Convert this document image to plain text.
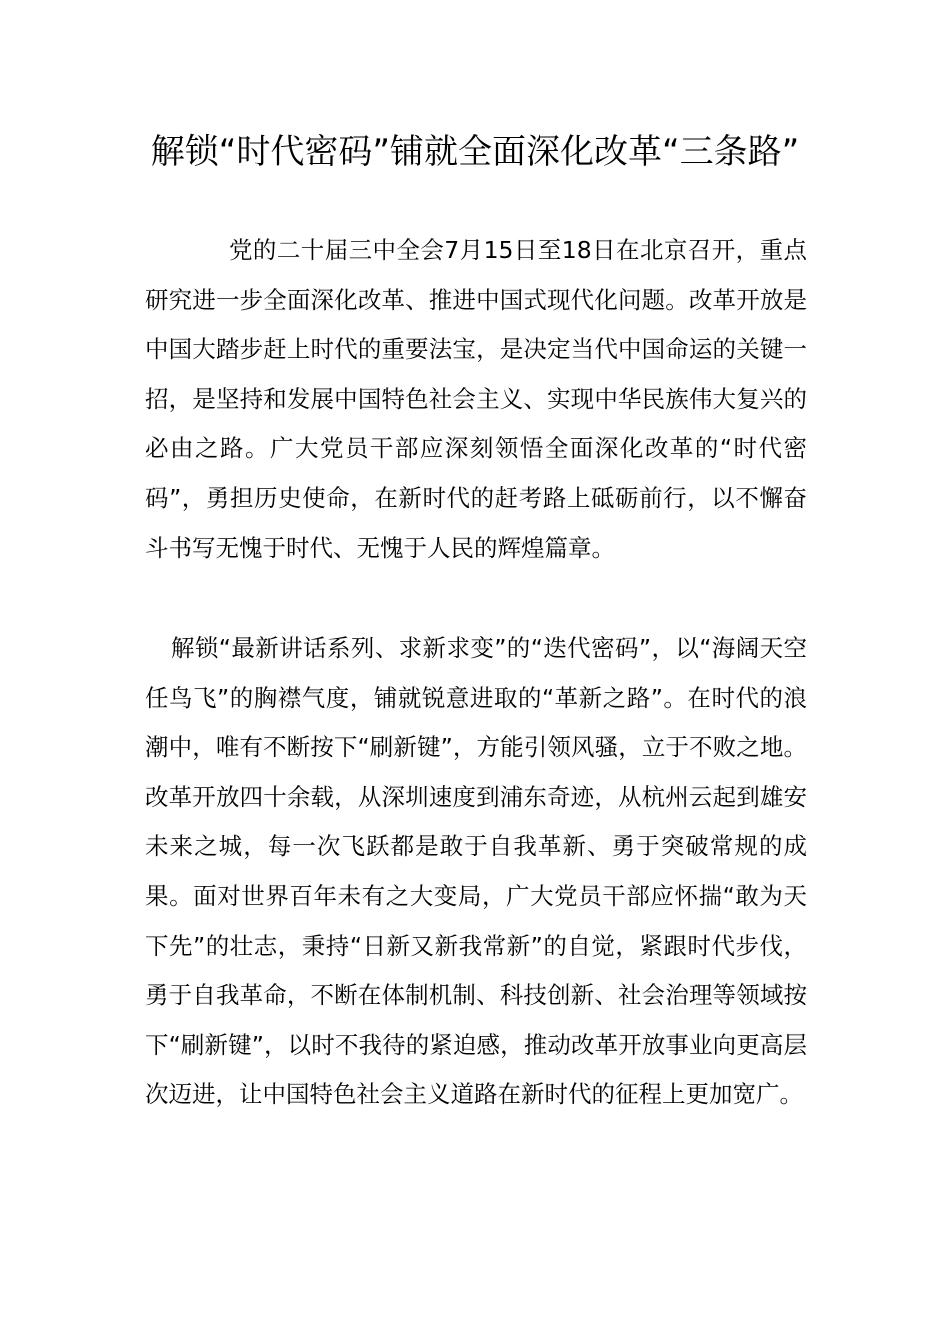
解锁“时代密码”铺就全面深化改革“三条路”

党的二十届三中全会7月15日至18日在北京召开，重点研究进一步全面深化改革、推进中国式现代化问题。改革开放是中国大踏步赶上时代的重要法宝，是决定当代中国命运的关键一招，是坚持和发展中国特色社会主义、实现中华民族伟大复兴的必由之路。广大党员干部应深刻领悟全面深化改革的“时代密码”，勇担历史使命，在新时代的赶考路上砥砺前行，以不懈奋斗书写无愧于时代、无愧于人民的辉煌篇章。

解锁“最新讲话系列、求新求变”的“迭代密码”，以“海阔天空任鸟飞”的胸襟气度，铺就锐意进取的“革新之路”。在时代的浪潮中，唯有不断按下“刷新键”，方能引领风骚，立于不败之地。改革开放四十余载，从深圳速度到浦东奇迹，从杭州云起到雄安未来之城，每一次飞跃都是敢于自我革新、勇于突破常规的成果。面对世界百年未有之大变局，广大党员干部应怀揣“敢为天下先”的壮志，秉持“日新又新我常新”的自觉，紧跟时代步伐，勇于自我革命，不断在体制机制、科技创新、社会治理等领域按下“刷新键”，以时不我待的紧迫感，推动改革开放事业向更高层次迈进，让中国特色社会主义道路在新时代的征程上更加宽广。
